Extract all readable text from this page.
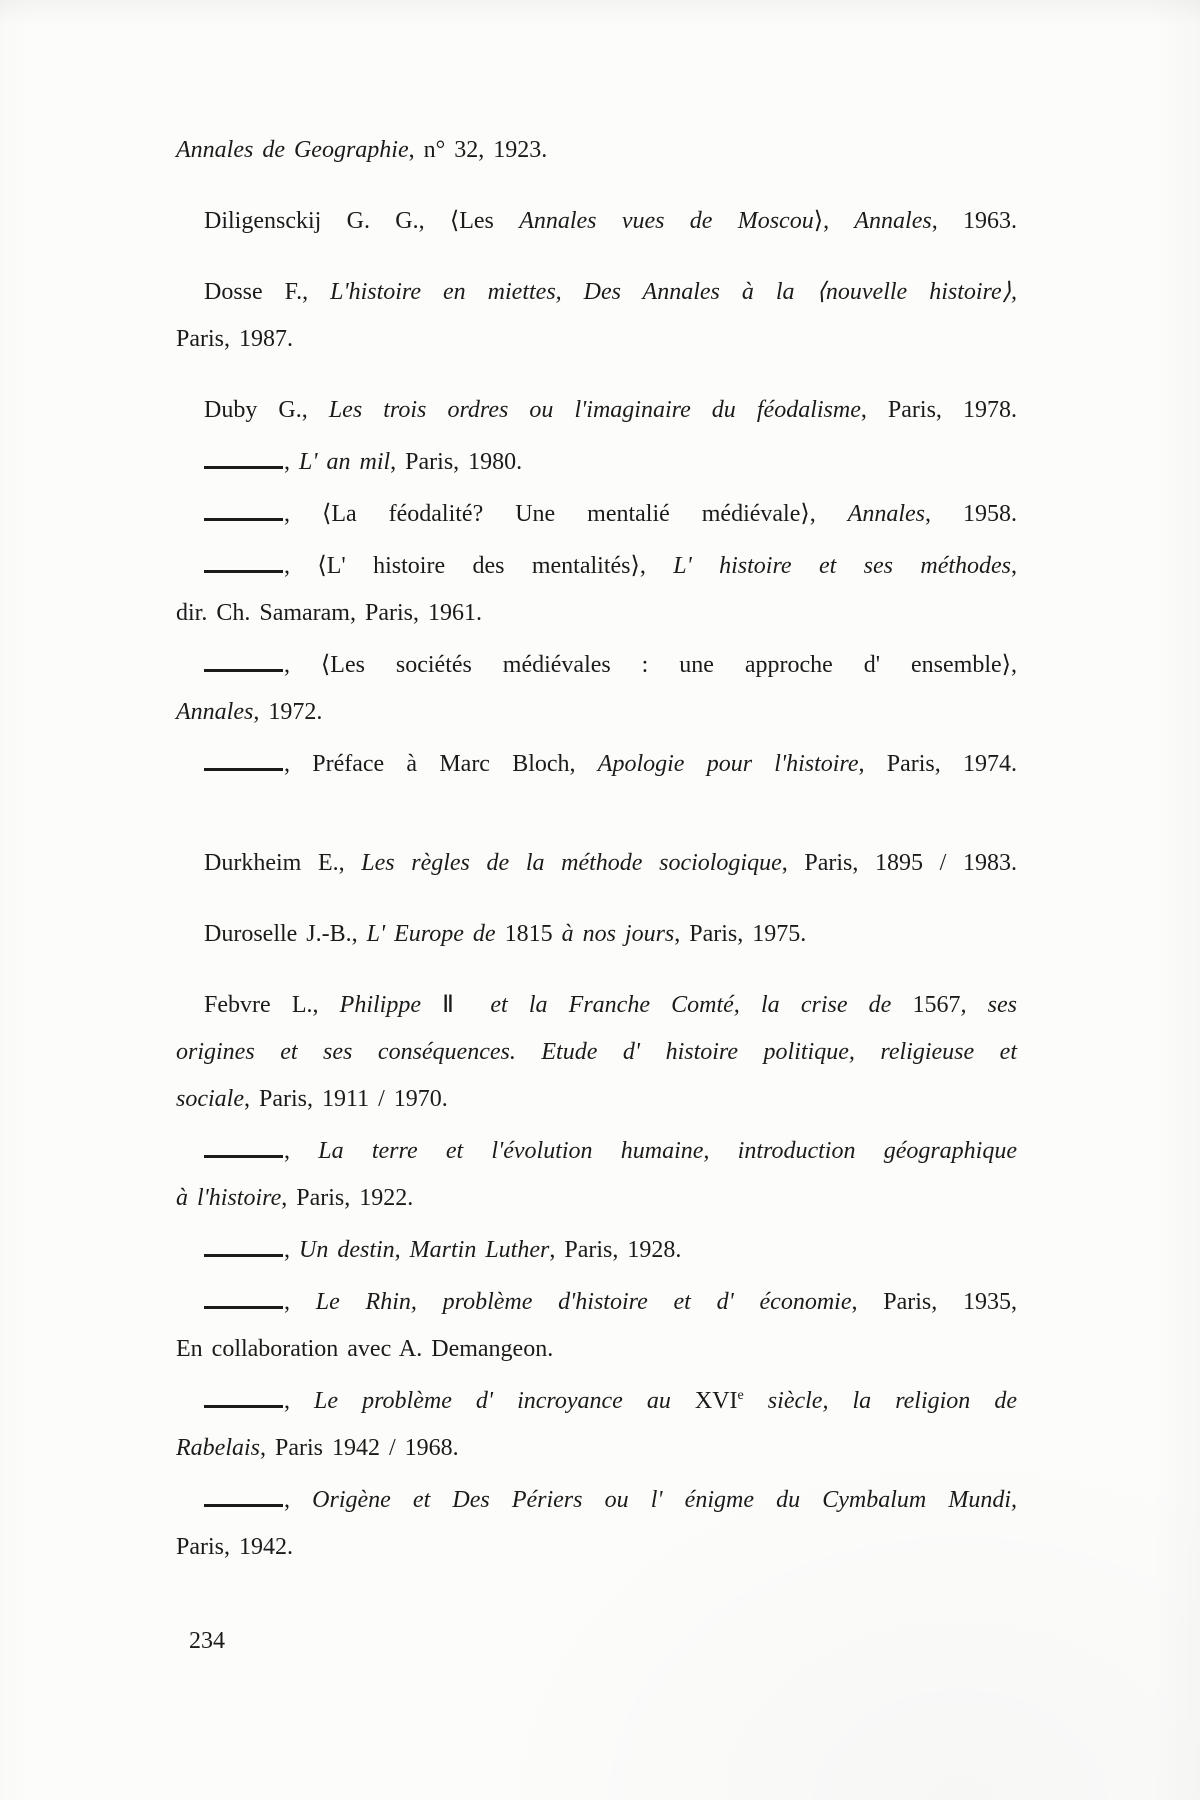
Annales de Geographie, n° 32, 1923.
Diligensckij G. G., ⟨Les Annales vues de Moscou⟩, Annales, 1963.
Dosse F., L'histoire en miettes, Des Annales à la ⟨nouvelle histoire⟩,
Paris, 1987.
Duby G., Les trois ordres ou l'imaginaire du féodalisme, Paris, 1978.
, L' an mil, Paris, 1980.
, ⟨La féodalité? Une mentalié médiévale⟩, Annales, 1958.
, ⟨L' histoire des mentalités⟩, L' histoire et ses méthodes,
dir. Ch. Samaram, Paris, 1961.
, ⟨Les sociétés médiévales : une approche d' ensemble⟩,
Annales, 1972.
, Préface à Marc Bloch, Apologie pour l'histoire, Paris, 1974.
Durkheim E., Les règles de la méthode sociologique, Paris, 1895 / 1983.
Duroselle J.-B., L' Europe de 1815 à nos jours, Paris, 1975.
Febvre L., Philippe Ⅱ et la Franche Comté, la crise de 1567, ses
origines et ses conséquences. Etude d' histoire politique, religieuse et
sociale, Paris, 1911 / 1970.
, La terre et l'évolution humaine, introduction géographique
à l'histoire, Paris, 1922.
, Un destin, Martin Luther, Paris, 1928.
, Le Rhin, problème d'histoire et d' économie, Paris, 1935,
En collaboration avec A. Demangeon.
, Le problème d' incroyance au XVIe siècle, la religion de
Rabelais, Paris 1942 / 1968.
, Origène et Des Périers ou l' énigme du Cymbalum Mundi,
Paris, 1942.
234
